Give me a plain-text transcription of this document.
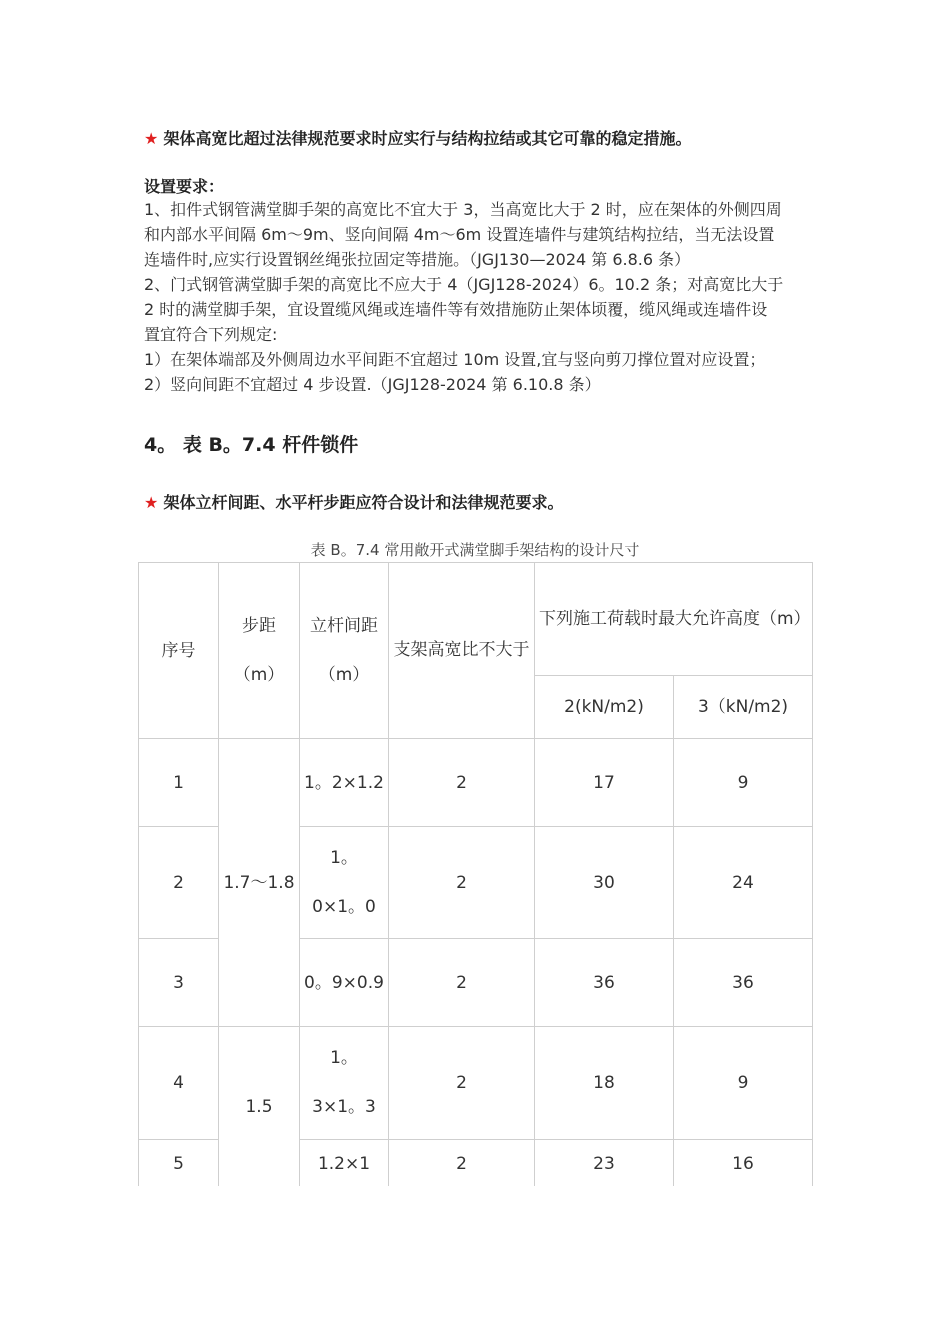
★ 架体高宽比超过法律规范要求时应实行与结构拉结或其它可靠的稳定措施。
设置要求：
1、扣件式钢管满堂脚手架的高宽比不宜大于 3，当高宽比大于 2 时，应在架体的外侧四周
和内部水平间隔 6m～9m、竖向间隔 4m～6m 设置连墙件与建筑结构拉结，当无法设置
连墙件时,应实行设置钢丝绳张拉固定等措施。（JGJ130—2024 第 6.8.6 条）
2、门式钢管满堂脚手架的高宽比不应大于 4（JGJ128-2024）6。10.2 条；对高宽比大于
2 时的满堂脚手架，宜设置缆风绳或连墙件等有效措施防止架体顷覆，缆风绳或连墙件设
置宜符合下列规定:
1）在架体端部及外侧周边水平间距不宜超过 10m 设置,宜与竖向剪刀撑位置对应设置；
2）竖向间距不宜超过 4 步设置.（JGJ128-2024 第 6.10.8 条）
4。 表 B。7.4 杆件锁件
★ 架体立杆间距、水平杆步距应符合设计和法律规范要求。
表 B。7.4 常用敞开式满堂脚手架结构的设计尺寸
序号	步距（m）	立杆间距（m）	支架高宽比不大于	下列施工荷载时最大允许高度（m）	
				2(kN/m2)	3（kN/m2)
1	1.7～1.8	1。2×1.2	2	17	9
2		1。0×1。0	2	30	24
3		0。9×0.9	2	36	36
4	1.5	1。3×1。3	2	18	9
5		1.2×1	2	23	16
